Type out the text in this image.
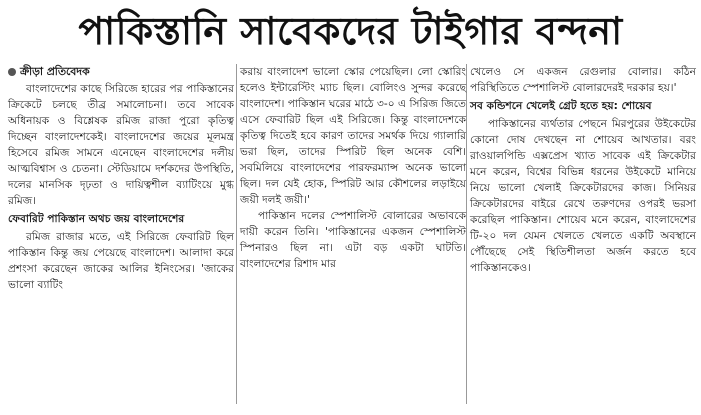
পাকিস্তানি সাবেকদের টাইগার বন্দনা
ক্রীড়া প্রতিবেদক

বাংলাদেশের কাছে সিরিজে হারের পর পাকিস্তানের ক্রিকেটে চলছে তীব্র সমালোচনা। তবে সাবেক অধিনায়ক ও বিশ্লেষক রমিজ রাজা পুরো কৃতিত্ব দিচ্ছেন বাংলাদেশকেই। বাংলাদেশের জয়ের মূলমন্ত্র হিসেবে রমিজ সামনে এনেছেন বাংলাদেশের দলীয় আত্মবিশ্বাস ও চেতনা। স্টেডিয়ামে দর্শকদের উপস্থিতি, দলের মানসিক দৃঢ়তা ও দায়িত্বশীল ব্যাটিংয়ে মুগ্ধ রমিজ।

ফেবারিট পাকিস্তান অথচ জয় বাংলাদেশের

রমিজ রাজার মতে, এই সিরিজে ফেবারিট ছিল পাকিস্তান কিন্তু জয় পেয়েছে বাংলাদেশ। আলাদা করে প্রশংসা করেছেন জাকের আলির ইনিংসের। 'জাকের ভালো ব্যাটিং

করায় বাংলাদেশ ভালো স্কোর পেয়েছিল। লো স্কোরিং হলেও ইন্টারেস্টিং ম্যাচ ছিল। বোলিংও সুন্দর করেছে বাংলাদেশ। পাকিস্তান ঘরের মাঠে ৩-০ এ সিরিজ জিতে এসে ফেবারিট ছিল এই সিরিজে। কিন্তু বাংলাদেশকে কৃতিত্ব দিতেই হবে কারণ তাদের সমর্থক দিয়ে গ্যালারি ভরা ছিল, তাদের স্পিরিট ছিল অনেক বেশি। সবমিলিয়ে বাংলাদেশের পারফরম্যান্স অনেক ভালো ছিল। দল যেই হোক, স্পিরিট আর কৌশলের লড়াইয়ে জয়ী দলই জয়ী।'

পাকিস্তান দলের স্পেশালিস্ট বোলারের অভাবকে দায়ী করেন তিনি। 'পাকিস্তানের একজন স্পেশালিস্ট স্পিনারও ছিল না। এটা বড় একটা ঘাটতি। বাংলাদেশের রিশাদ মার

খেলেও সে একজন রেগুলার বোলার। কঠিন পরিস্থিতিতে স্পেশালিস্ট বোলারদেরই দরকার হয়।'

সব কন্ডিশনে খেলেই গ্রেট হতে হয়: শোয়েব

পাকিস্তানের ব্যর্থতার পেছনে মিরপুরের উইকেটের কোনো দোষ দেখছেন না শোয়েব আখতার। বরং রাওয়ালপিন্ডি এক্সপ্রেস খ্যাত সাবেক এই ক্রিকেটার মনে করেন, বিশ্বের বিভিন্ন ধরনের উইকেটে মানিয়ে নিয়ে ভালো খেলাই ক্রিকেটারদের কাজ। সিনিয়র ক্রিকেটারদের বাইরে রেখে তরুণদের ওপরই ভরসা করেছিল পাকিস্তান। শোয়েব মনে করেন, বাংলাদেশের টি-২০ দল যেমন খেলতে খেলতে একটি অবস্থানে পৌঁছেছে সেই স্থিতিশীলতা অর্জন করতে হবে পাকিস্তানকেও।
